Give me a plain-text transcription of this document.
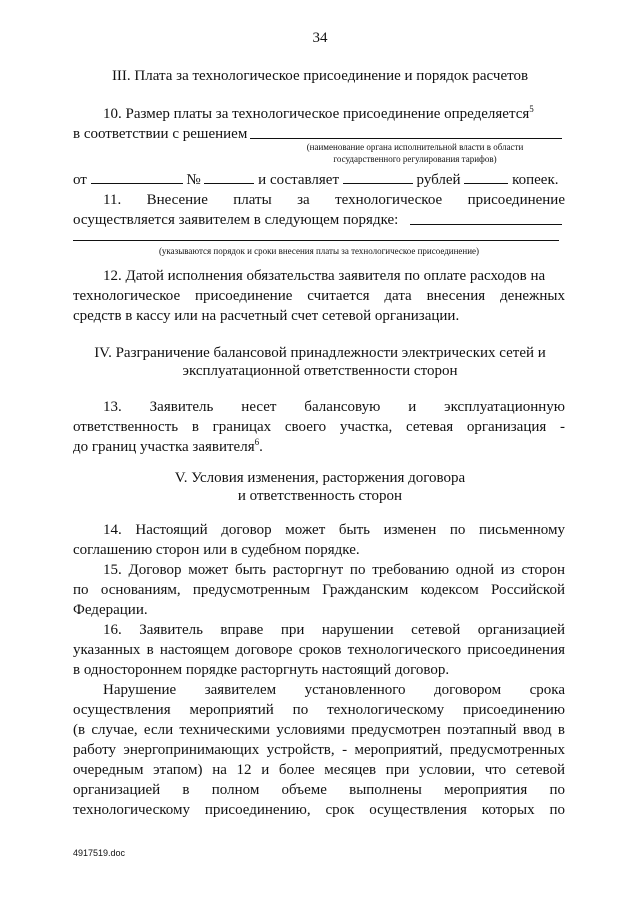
34
III. Плата за технологическое присоединение и порядок расчетов
10. Размер платы за технологическое присоединение определяется$^5$
в соответствии с решением
(наименование органа исполнительной власти в области
государственного регулирования тарифов)
от	№	и составляет	рублей	копеек.
11. Внесение платы за технологическое присоединение
осуществляется заявителем в следующем порядке:
(указываются порядок и сроки внесения платы за технологическое присоединение)
12. Датой исполнения обязательства заявителя по оплате расходов на
технологическое присоединение считается дата внесения денежных
средств в кассу или на расчетный счет сетевой организации.
IV. Разграничение балансовой принадлежности электрических сетей и
эксплуатационной ответственности сторон
13. Заявитель несет балансовую и эксплуатационную
ответственность в границах своего участка, сетевая организация -
до границ участка заявителя$^6$.
V. Условия изменения, расторжения договора
и ответственность сторон
14. Настоящий договор может быть изменен по письменному
соглашению сторон или в судебном порядке.
15. Договор может быть расторгнут по требованию одной из сторон
по основаниям, предусмотренным Гражданским кодексом Российской
Федерации.
16. Заявитель вправе при нарушении сетевой организацией
указанных в настоящем договоре сроков технологического присоединения
в одностороннем порядке расторгнуть настоящий договор.
Нарушение заявителем установленного договором срока
осуществления мероприятий по технологическому присоединению
(в случае, если техническими условиями предусмотрен поэтапный ввод в
работу энергопринимающих устройств, - мероприятий, предусмотренных
очередным этапом) на 12 и более месяцев при условии, что сетевой
организацией в полном объеме выполнены мероприятия по
технологическому присоединению, срок осуществления которых по
4917519.doc
